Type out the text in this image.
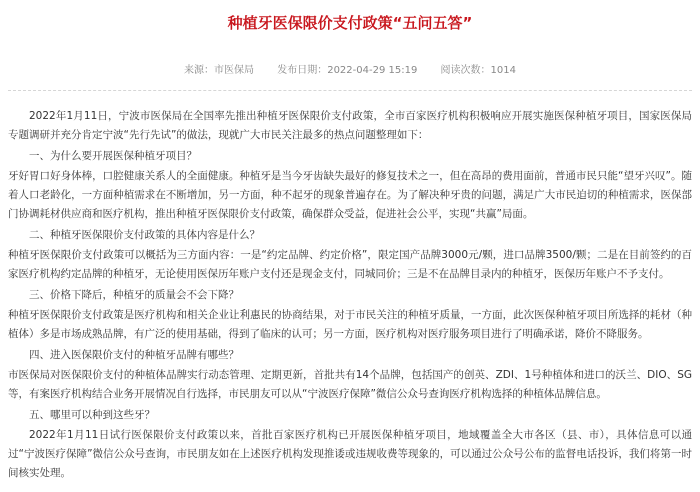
种植牙医保限价支付政策“五问五答”
来源：市医保局 发布日期：2022-04-29 15:19 阅读次数：1014

2022年1月11日，宁波市医保局在全国率先推出种植牙医保限价支付政策，全市百家医疗机构积极响应开展实施医保种植牙项目，国家医保局专题调研并充分肯定宁波“先行先试”的做法，现就广大市民关注最多的热点问题整理如下：

一、为什么要开展医保种植牙项目？

牙好胃口好身体棒，口腔健康关系人的全面健康。种植牙是当今牙齿缺失最好的修复技术之一，但在高昂的费用面前，普通市民只能“望牙兴叹”。随着人口老龄化，一方面种植需求在不断增加，另一方面，种不起牙的现象普遍存在。为了解决种牙贵的问题，满足广大市民迫切的种植需求，医保部门协调耗材供应商和医疗机构，推出种植牙医保限价支付政策，确保群众受益，促进社会公平，实现“共赢”局面。

二、种植牙医保限价支付政策的具体内容是什么？

种植牙医保限价支付政策可以概括为三方面内容：一是“约定品牌、约定价格”，限定国产品牌3000元/颗，进口品牌3500/颗；二是在目前签约的百家医疗机构约定品牌的种植牙，无论使用医保历年账户支付还是现金支付，同城同价；三是不在品牌目录内的种植牙，医保历年账户不予支付。

三、价格下降后，种植牙的质量会不会下降？

种植牙医保限价支付政策是医疗机构和相关企业让利惠民的协商结果，对于市民关注的种植牙质量，一方面，此次医保种植牙项目所选择的耗材（种植体）多是市场成熟品牌，有广泛的使用基础，得到了临床的认可；另一方面，医疗机构对医疗服务项目进行了明确承诺，降价不降服务。

四、进入医保限价支付的种植牙品牌有哪些？

市医保局对医保限价支付的种植体品牌实行动态管理、定期更新，首批共有14个品牌，包括国产的创英、ZDI、1号种植体和进口的沃兰、DIO、SG等，有案医疗机构结合业务开展情况自行选择，市民朋友可以从“宁波医疗保障”微信公众号查询医疗机构选择的种植体品牌信息。

五、哪里可以种到这些牙？

2022年1月11日试行医保限价支付政策以来，首批百家医疗机构已开展医保种植牙项目，地域覆盖全大市各区（县、市），具体信息可以通过“宁波医疗保障”微信公众号查询，市民朋友如在上述医疗机构发现推诿或违规收费等现象的，可以通过公众号公布的监督电话投诉，我们将第一时间核实处理。
